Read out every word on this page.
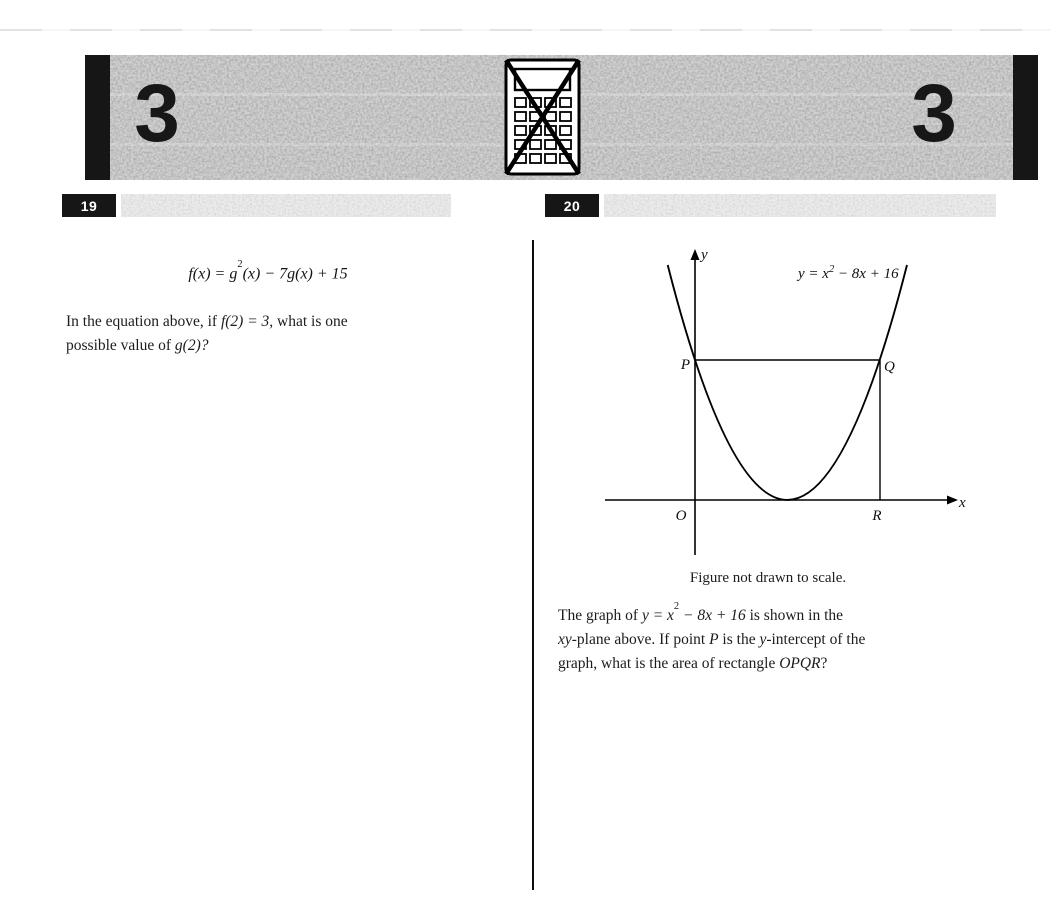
3	3
19	20
$f(x) = g^2(x) - 7g(x) + 15$

In the equation above, if f(2) = 3, what is one
possible value of g(2)?

P	Q
O	R
x
y
$y = x^2 - 8x + 16$
Figure not drawn to scale.

The graph of $y = x^2 - 8x + 16$ is shown in the
xy-plane above. If point P is the y-intercept of the
graph, what is the area of rectangle OPQR?
